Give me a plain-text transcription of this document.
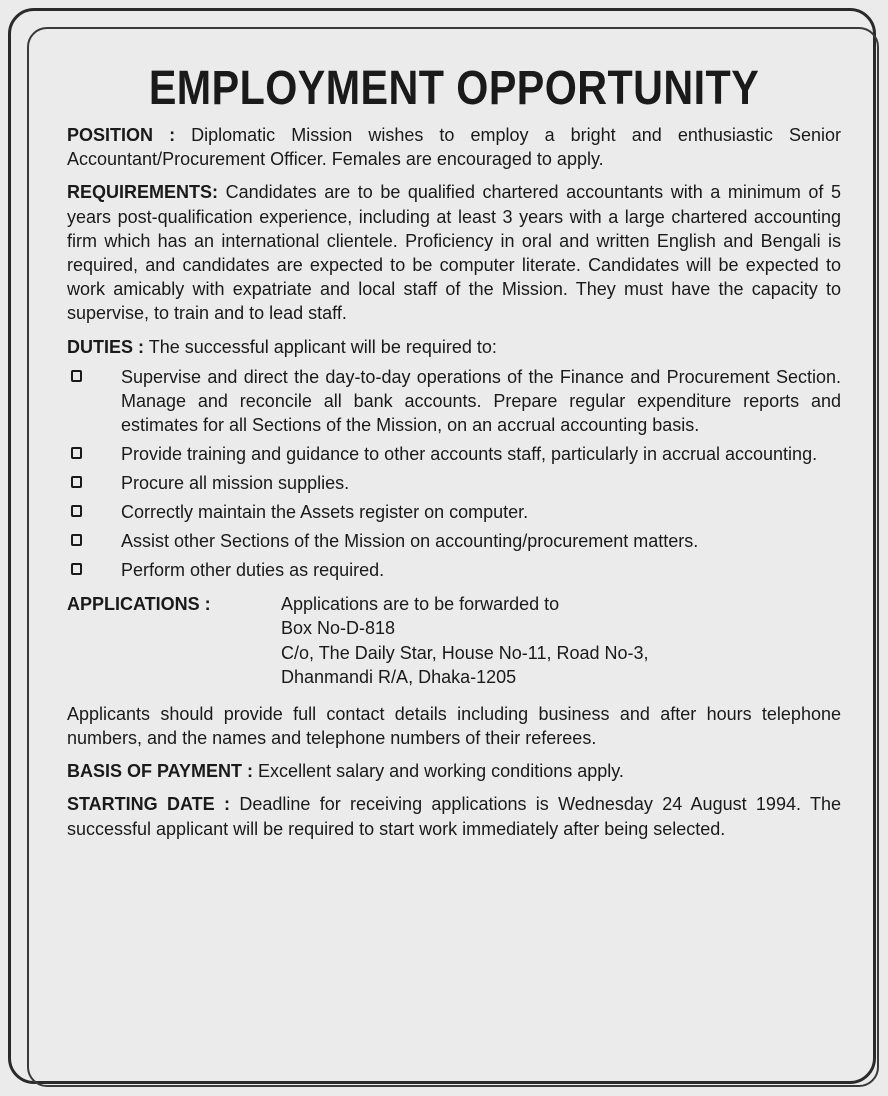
EMPLOYMENT OPPORTUNITY

POSITION : Diplomatic Mission wishes to employ a bright and enthusiastic Senior Accountant/Procurement Officer. Females are encouraged to apply.

REQUIREMENTS: Candidates are to be qualified chartered accountants with a minimum of 5 years post-qualification experience, including at least 3 years with a large chartered accounting firm which has an international clientele. Proficiency in oral and written English and Bengali is required, and candidates are expected to be computer literate. Candidates will be expected to work amicably with expatriate and local staff of the Mission. They must have the capacity to supervise, to train and to lead staff.

DUTIES : The successful applicant will be required to:

Supervise and direct the day-to-day operations of the Finance and Procurement Section. Manage and reconcile all bank accounts. Prepare regular expenditure reports and estimates for all Sections of the Mission, on an accrual accounting basis.
Provide training and guidance to other accounts staff, particularly in accrual accounting.
Procure all mission supplies.
Correctly maintain the Assets register on computer.
Assist other Sections of the Mission on accounting/procurement matters.
Perform other duties as required.
APPLICATIONS :	Applications are to be forwarded to
Box No-D-818
C/o, The Daily Star, House No-11, Road No-3,
Dhanmandi R/A, Dhaka-1205

Applicants should provide full contact details including business and after hours telephone numbers, and the names and telephone numbers of their referees.

BASIS OF PAYMENT : Excellent salary and working conditions apply.

STARTING DATE : Deadline for receiving applications is Wednesday 24 August 1994. The successful applicant will be required to start work immediately after being selected.
